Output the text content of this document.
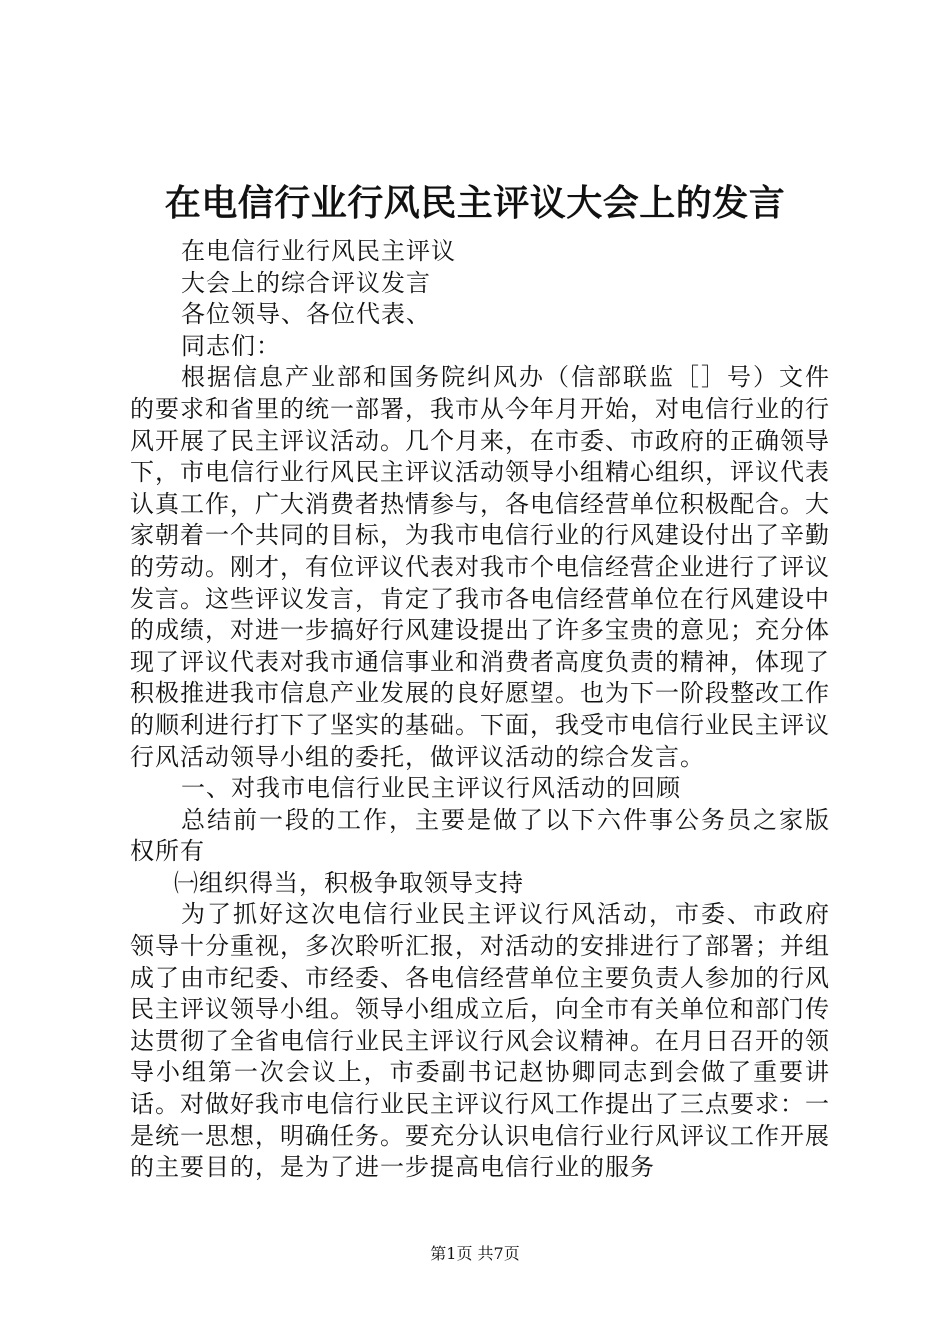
在电信行业行风民主评议大会上的发言

在电信行业行风民主评议

大会上的综合评议发言

各位领导、各位代表、

同志们：

根据信息产业部和国务院纠风办（信部联监［］号）文件的要求和省里的统一部署，我市从今年月开始，对电信行业的行风开展了民主评议活动。几个月来，在市委、市政府的正确领导下，市电信行业行风民主评议活动领导小组精心组织，评议代表认真工作，广大消费者热情参与，各电信经营单位积极配合。大家朝着一个共同的目标，为我市电信行业的行风建设付出了辛勤的劳动。刚才，有位评议代表对我市个电信经营企业进行了评议发言。这些评议发言，肯定了我市各电信经营单位在行风建设中的成绩，对进一步搞好行风建设提出了许多宝贵的意见；充分体现了评议代表对我市通信事业和消费者高度负责的精神，体现了积极推进我市信息产业发展的良好愿望。也为下一阶段整改工作的顺利进行打下了坚实的基础。下面，我受市电信行业民主评议行风活动领导小组的委托，做评议活动的综合发言。

一、对我市电信行业民主评议行风活动的回顾

总结前一段的工作，主要是做了以下六件事公务员之家版权所有

㈠组织得当，积极争取领导支持

为了抓好这次电信行业民主评议行风活动，市委、市政府领导十分重视，多次聆听汇报，对活动的安排进行了部署；并组成了由市纪委、市经委、各电信经营单位主要负责人参加的行风民主评议领导小组。领导小组成立后，向全市有关单位和部门传达贯彻了全省电信行业民主评议行风会议精神。在月日召开的领导小组第一次会议上，市委副书记赵协卿同志到会做了重要讲话。对做好我市电信行业民主评议行风工作提出了三点要求：一是统一思想，明确任务。要充分认识电信行业行风评议工作开展的主要目的，是为了进一步提高电信行业的服务

第1页 共7页
